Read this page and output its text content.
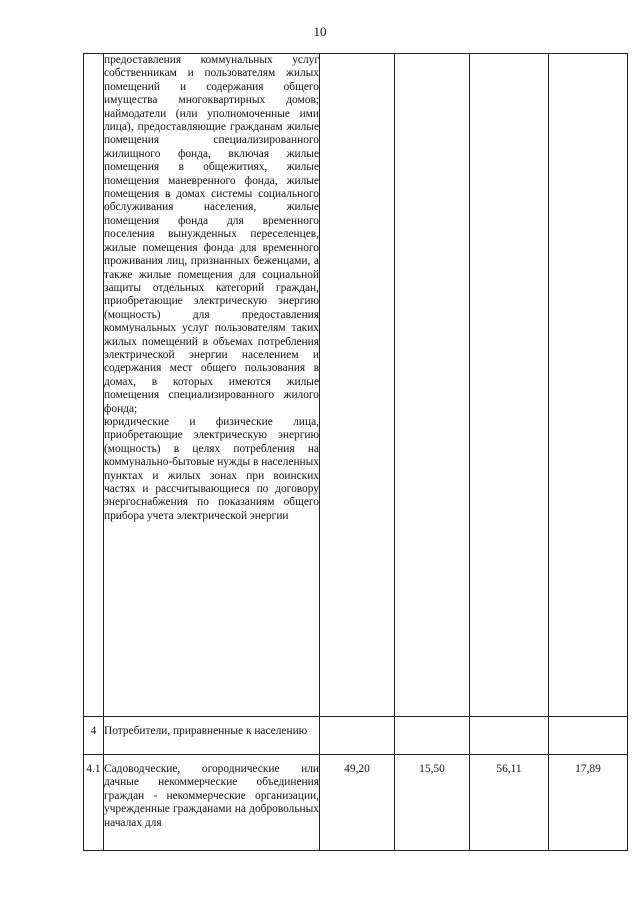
10

	предоставления коммунальных услуг собственникам и пользователям жилых помещений и содержания общего имущества многоквартирных домов; наймодатели (или уполномоченные ими лица), предоставляющие гражданам жилые помещения специализированного жилищного фонда, включая жилые помещения в общежитиях, жилые помещения маневренного фонда, жилые помещения в домах системы социального обслуживания населения, жилые помещения фонда для временного поселения вынужденных переселенцев, жилые помещения фонда для временного проживания лиц, признанных беженцами, а также жилые помещения для социальной защиты отдельных категорий граждан, приобретающие электрическую энергию (мощность) для предоставления коммунальных услуг пользователям таких жилых помещений в объемах потребления электрической энергии населением и содержания мест общего пользования в домах, в которых имеются жилые помещения специализированного жилого фонда;
юридические и физические лица, приобретающие электрическую энергию (мощность) в целях потребления на коммунально-бытовые нужды в населенных пунктах и жилых зонах при воинских частях и рассчитывающиеся по договору энергоснабжения по показаниям общего прибора учета электрической энергии				

4	Потребители, приравненные к населению				

4.1	Садоводческие, огороднические или дачные некоммерческие объединения граждан - некоммерческие организации, учрежденные гражданами на добровольных началах для	49,20	15,50	56,11	17,89
